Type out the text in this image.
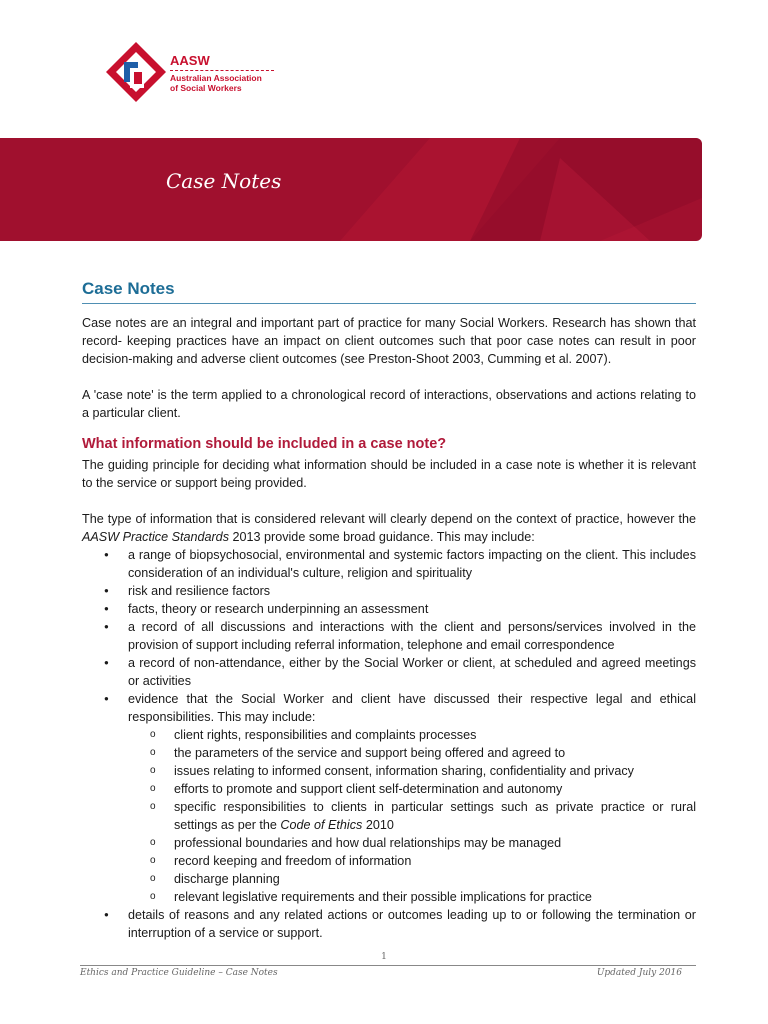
AASW
Australian Association
of Social Workers
Case Notes
Case Notes

Case notes are an integral and important part of practice for many Social Workers. Research has shown that record- keeping practices have an impact on client outcomes such that poor case notes can result in poor decision-making and adverse client outcomes (see Preston-Shoot 2003, Cumming et al. 2007).

A 'case note' is the term applied to a chronological record of interactions, observations and actions relating to a particular client.

What information should be included in a case note?

The guiding principle for deciding what information should be included in a case note is whether it is relevant to the service or support being provided.

The type of information that is considered relevant will clearly depend on the context of practice, however the AASW Practice Standards 2013 provide some broad guidance. This may include:

● a range of biopsychosocial, environmental and systemic factors impacting on the client. This includes consideration of an individual's culture, religion and spirituality
● risk and resilience factors
● facts, theory or research underpinning an assessment
● a record of all discussions and interactions with the client and persons/services involved in the provision of support including referral information, telephone and email correspondence
● a record of non-attendance, either by the Social Worker or client, at scheduled and agreed meetings or activities
● evidence that the Social Worker and client have discussed their respective legal and ethical responsibilities. This may include:
o client rights, responsibilities and complaints processes
o the parameters of the service and support being offered and agreed to
o issues relating to informed consent, information sharing, confidentiality and privacy
o efforts to promote and support client self-determination and autonomy
o specific responsibilities to clients in particular settings such as private practice or rural settings as per the Code of Ethics 2010
o professional boundaries and how dual relationships may be managed
o record keeping and freedom of information
o discharge planning
o relevant legislative requirements and their possible implications for practice
● details of reasons and any related actions or outcomes leading up to or following the termination or interruption of a service or support.
1
Ethics and Practice Guideline – Case Notes	Updated July 2016
